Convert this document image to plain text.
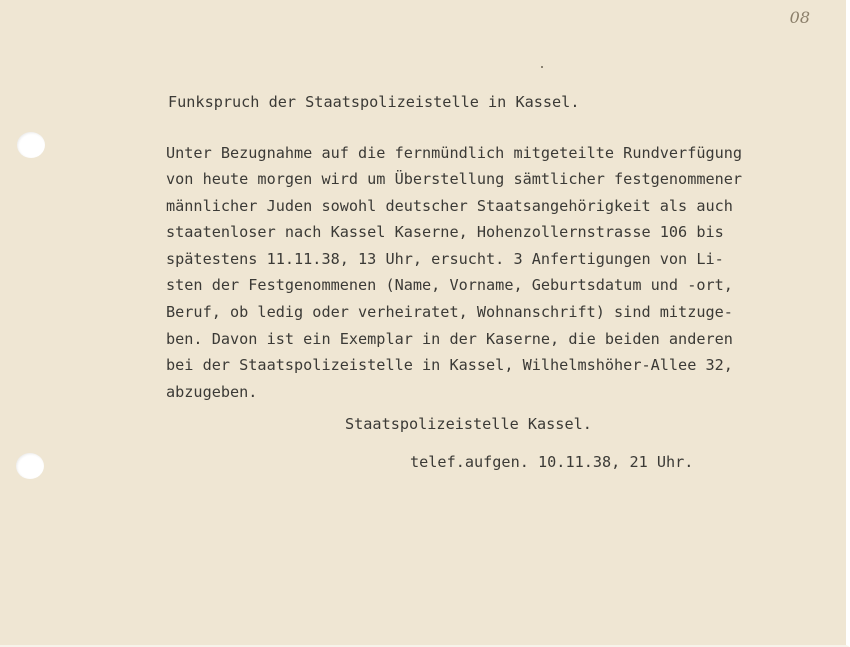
08
Funkspruch der Staatspolizeistelle in Kassel.
Unter Bezugnahme auf die fernmündlich mitgeteilte Rundverfügung
von heute morgen wird um Überstellung sämtlicher festgenommener
männlicher Juden sowohl deutscher Staatsangehörigkeit als auch
staatenloser nach Kassel Kaserne, Hohenzollernstrasse 106 bis
spätestens 11.11.38, 13 Uhr, ersucht. 3 Anfertigungen von Li-
sten der Festgenommenen (Name, Vorname, Geburtsdatum und -ort,
Beruf, ob ledig oder verheiratet, Wohnanschrift) sind mitzuge-
ben. Davon ist ein Exemplar in der Kaserne, die beiden anderen
bei der Staatspolizeistelle in Kassel, Wilhelmshöher-Allee 32,
abzugeben.
Staatspolizeistelle Kassel.
telef.aufgen. 10.11.38, 21 Uhr.
